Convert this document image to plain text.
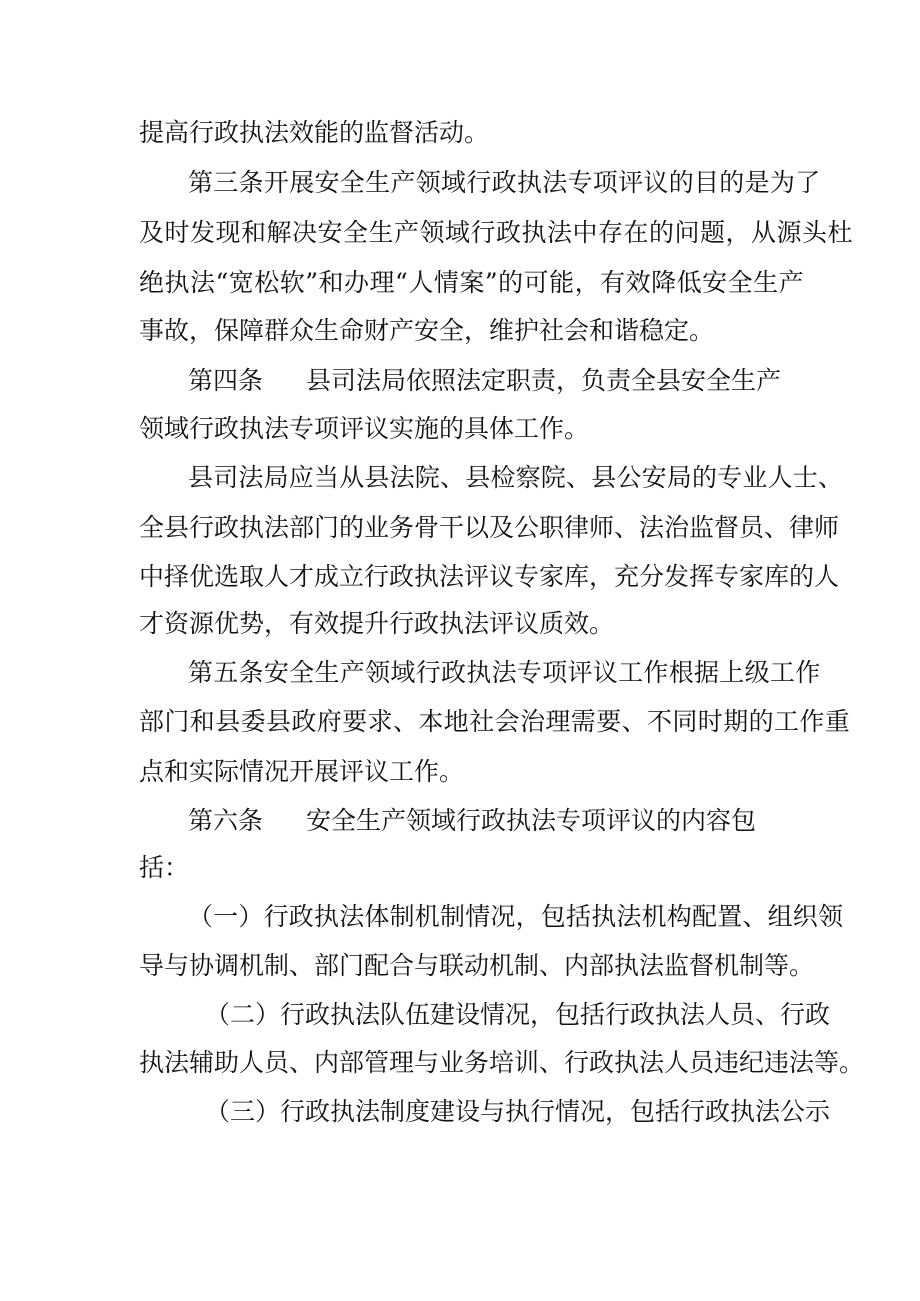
提高行政执法效能的监督活动。
第三条开展安全生产领域行政执法专项评议的目的是为了
及时发现和解决安全生产领域行政执法中存在的问题，从源头杜
绝执法“宽松软”和办理“人情案”的可能，有效降低安全生产
事故，保障群众生命财产安全，维护社会和谐稳定。
第四条 县司法局依照法定职责，负责全县安全生产
领域行政执法专项评议实施的具体工作。
县司法局应当从县法院、县检察院、县公安局的专业人士、
全县行政执法部门的业务骨干以及公职律师、法治监督员、律师
中择优选取人才成立行政执法评议专家库，充分发挥专家库的人
才资源优势，有效提升行政执法评议质效。
第五条安全生产领域行政执法专项评议工作根据上级工作
部门和县委县政府要求、本地社会治理需要、不同时期的工作重
点和实际情况开展评议工作。
第六条 安全生产领域行政执法专项评议的内容包
括：
（一）行政执法体制机制情况，包括执法机构配置、组织领
导与协调机制、部门配合与联动机制、内部执法监督机制等。
（二）行政执法队伍建设情况，包括行政执法人员、行政
执法辅助人员、内部管理与业务培训、行政执法人员违纪违法等。
（三）行政执法制度建设与执行情况，包括行政执法公示
